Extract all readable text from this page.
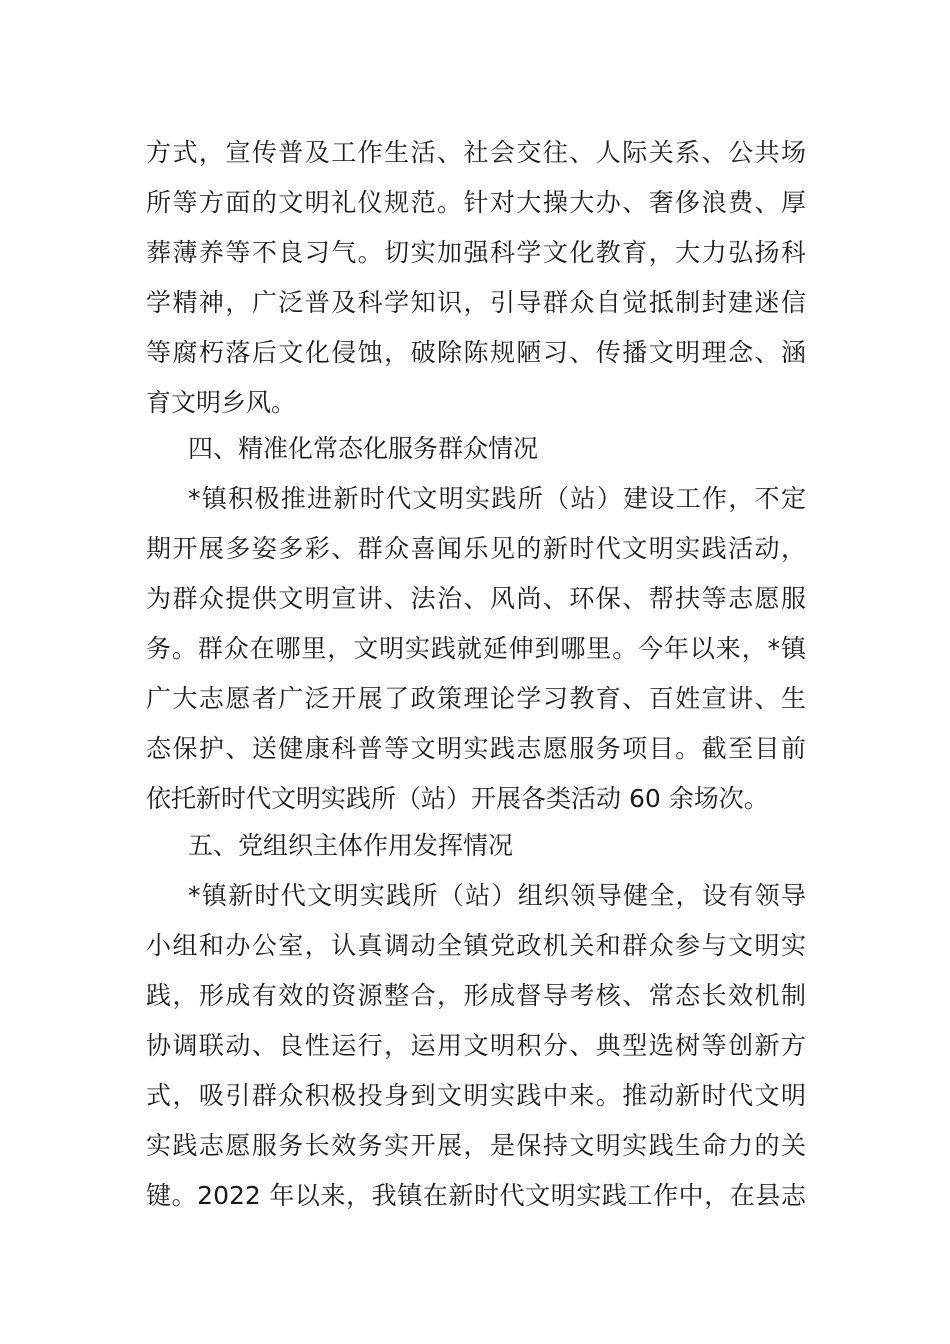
方式，宣传普及工作生活、社会交往、人际关系、公共场
所等方面的文明礼仪规范。针对大操大办、奢侈浪费、厚
葬薄养等不良习气。切实加强科学文化教育，大力弘扬科
学精神，广泛普及科学知识，引导群众自觉抵制封建迷信
等腐朽落后文化侵蚀，破除陈规陋习、传播文明理念、涵
育文明乡风。
四、精准化常态化服务群众情况
*镇积极推进新时代文明实践所（站）建设工作，不定
期开展多姿多彩、群众喜闻乐见的新时代文明实践活动，
为群众提供文明宣讲、法治、风尚、环保、帮扶等志愿服
务。群众在哪里，文明实践就延伸到哪里。今年以来，*镇
广大志愿者广泛开展了政策理论学习教育、百姓宣讲、生
态保护、送健康科普等文明实践志愿服务项目。截至目前
依托新时代文明实践所（站）开展各类活动 60 余场次。
五、党组织主体作用发挥情况
*镇新时代文明实践所（站）组织领导健全，设有领导
小组和办公室，认真调动全镇党政机关和群众参与文明实
践，形成有效的资源整合，形成督导考核、常态长效机制
协调联动、良性运行，运用文明积分、典型选树等创新方
式，吸引群众积极投身到文明实践中来。推动新时代文明
实践志愿服务长效务实开展，是保持文明实践生命力的关
键。2022 年以来，我镇在新时代文明实践工作中，在县志
